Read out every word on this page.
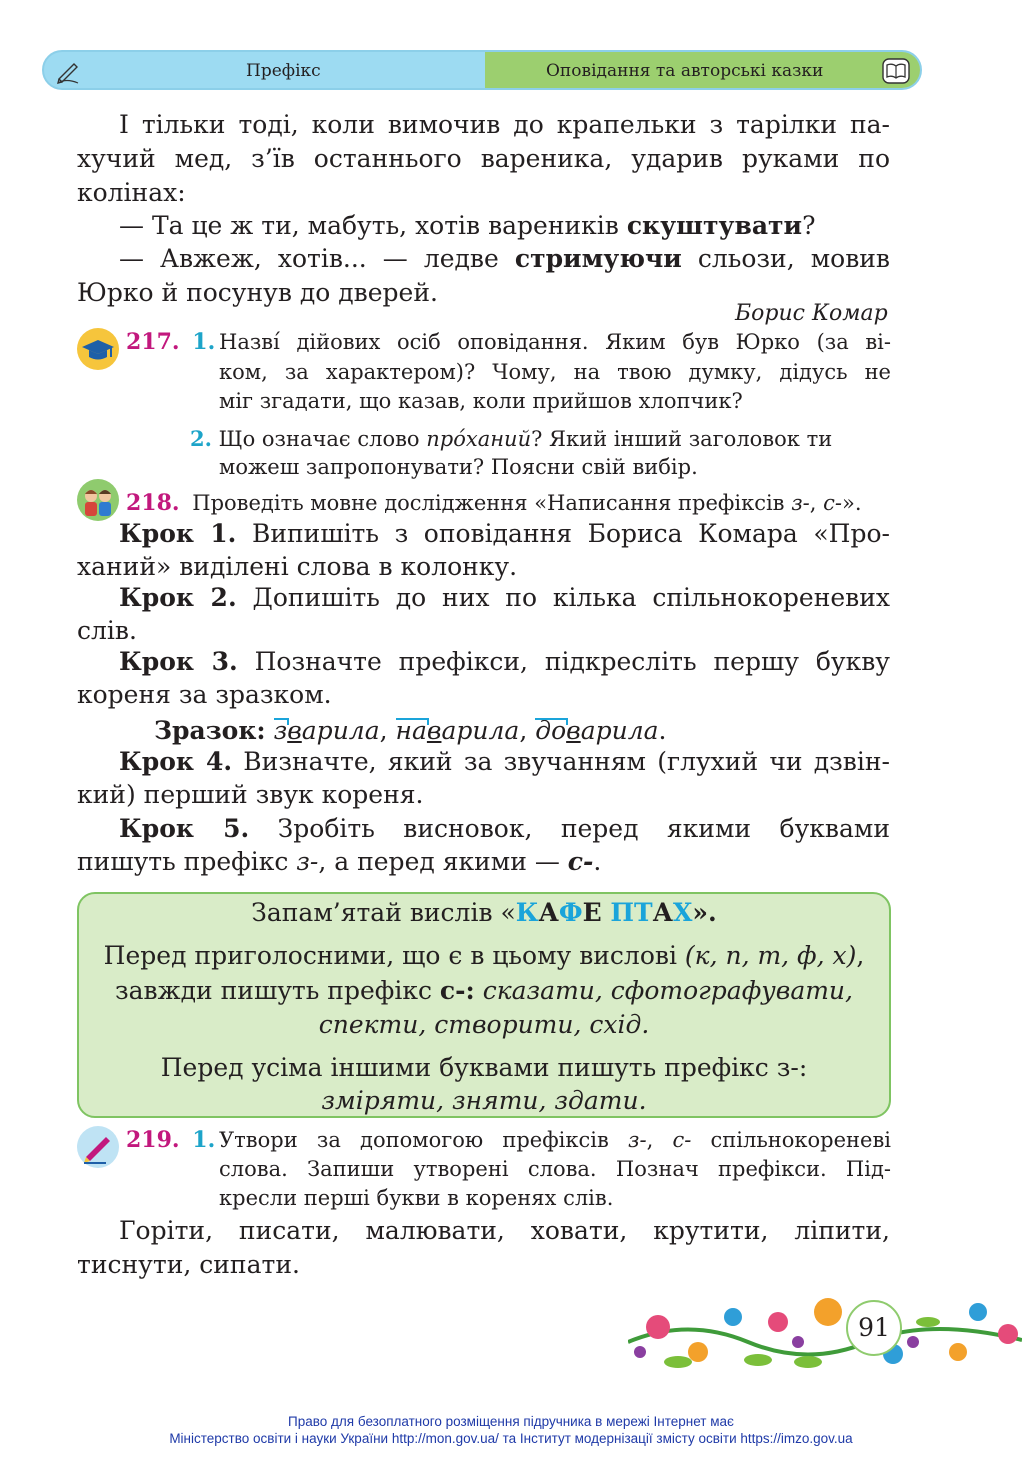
Префікс	Оповідання та авторські казки
І тільки тоді, коли вимочив до крапельки з тарілки па-
хучий мед, з’їв останнього вареника, ударив руками по
колінах:
— Та це ж ти, мабуть, хотів вареників скуштувати?
— Авжеж, хотів... — ледве стримуючи сльози, мовив
Юрко й посунув до дверей.
Борис Комар
217. 1. Назві́ дійових осіб оповідання. Яким був Юрко (за ві-
ком, за характером)? Чому, на твою думку, дідусь не
міг згадати, що казав, коли прийшов хлопчик?
2. Що означає слово про́ханий? Який інший заголовок ти
можеш запропонувати? Поясни свій вибір.
218. Проведіть мовне дослідження «Написання префіксів з-, с-».
Крок 1. Випишіть з оповідання Бориса Комара «Про-
ханий» виділені слова в колонку.
Крок 2. Допишіть до них по кілька спільнокореневих
слів.
Крок 3. Позначте префікси, підкресліть першу букву
кореня за зразком.
Зразок: з
варила, на
варила, до
варила.
Крок 4. Визначте, який за звучанням (глухий чи дзвін-
кий) перший звук кореня.
Крок 5. Зробіть висновок, перед якими буквами
пишуть префікс з-, а перед якими — с-.
Запам’ятай вислів «КАФЕ ПТАХ».
Перед приголосними, що є в цьому вислові (к, п, т, ф, х),
завжди пишуть префікс с-: сказати, сфотографувати,
спекти, створити, схід.
Перед усіма іншими буквами пишуть префікс з-:
зміряти, зняти, здати.
219. 1. Утвори за допомогою префіксів з-, с- спільнокореневі
слова. Запиши утворені слова. Познач префікси. Під-
кресли перші букви в коренях слів.
Горіти, писати, малювати, ховати, крутити, ліпити,
тиснути, сипати.
91
Право для безоплатного розміщення підручника в мережі Інтернет має
Міністерство освіти і науки України http://mon.gov.ua/ та Інститут модернізації змісту освіти https://imzo.gov.ua
